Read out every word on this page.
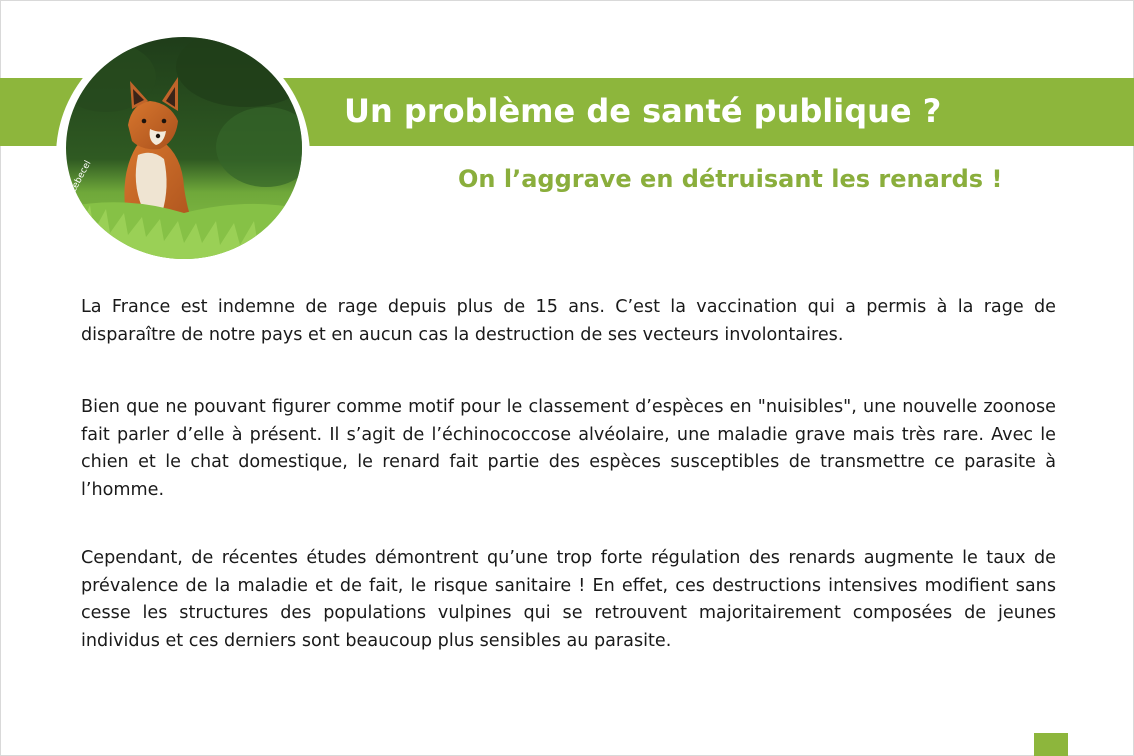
Y. Lebecel
Un problème de santé publique ?
On l’aggrave en détruisant les renards !

La France est indemne de rage depuis plus de 15 ans. C’est la vaccination qui a permis à la rage de disparaître de notre pays et en aucun cas la destruction de ses vecteurs involontaires.

Bien que ne pouvant figurer comme motif pour le classement d’espèces en "nuisibles", une nouvelle zoonose fait parler d’elle à présent. Il s’agit de l’échinococcose alvéolaire, une maladie grave mais très rare. Avec le chien et le chat domestique, le renard fait partie des espèces susceptibles de transmettre ce parasite à l’homme.

Cependant, de récentes études démontrent qu’une trop forte régulation des renards augmente le taux de prévalence de la maladie et de fait, le risque sanitaire ! En effet, ces destructions intensives modifient sans cesse les structures des populations vulpines qui se retrouvent majoritairement composées de jeunes individus et ces derniers sont beaucoup plus sensibles au parasite.
